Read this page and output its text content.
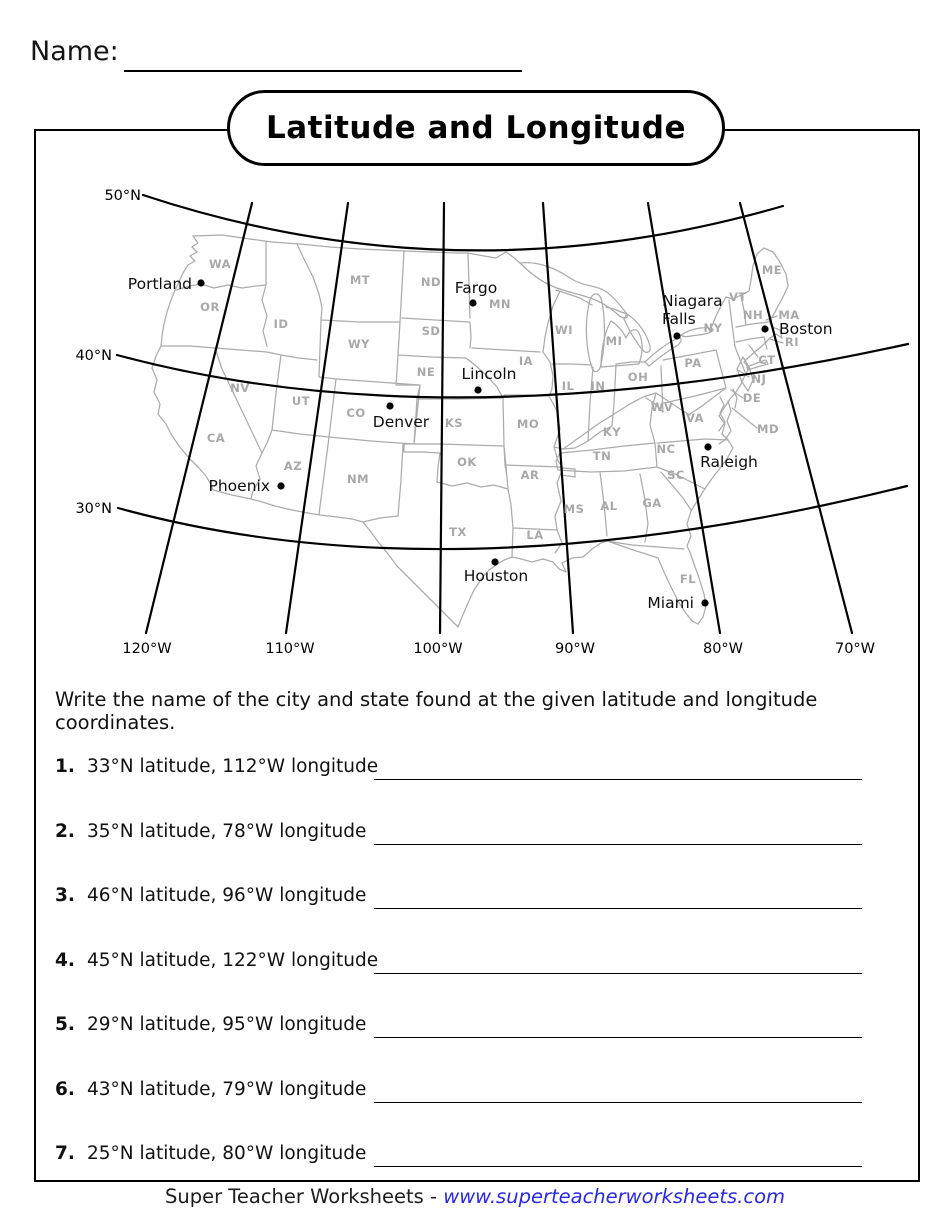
Name:
Latitude and Longitude
50°N
40°N
30°N
120°W	110°W	100°W	90°W	80°W	70°W
WA
OR
ID
MT
WY
NV
UT
CA
AZ
NM
CO
KS
OK
TX
ND
SD
NE
MN
IA
MO
AR
LA
WI
IL
MS
MI
IN
AL
OH
KY
TN
GA
WV
VA
NC
SC
FL
PA
NY
NJ
DE
MD
VT
NH MA
RI
CT
ME
Portland	Fargo
Lincoln
Denver
Phoenix
Houston
Miami
Raleigh
Niagara Falls
Boston
Write the name of the city and state found at the given latitude and longitude coordinates.
1. 33°N latitude, 112°W longitude
2. 35°N latitude, 78°W longitude
3. 46°N latitude, 96°W longitude
4. 45°N latitude, 122°W longitude
5. 29°N latitude, 95°W longitude
6. 43°N latitude, 79°W longitude
7. 25°N latitude, 80°W longitude
Super Teacher Worksheets - www.superteacherworksheets.com
